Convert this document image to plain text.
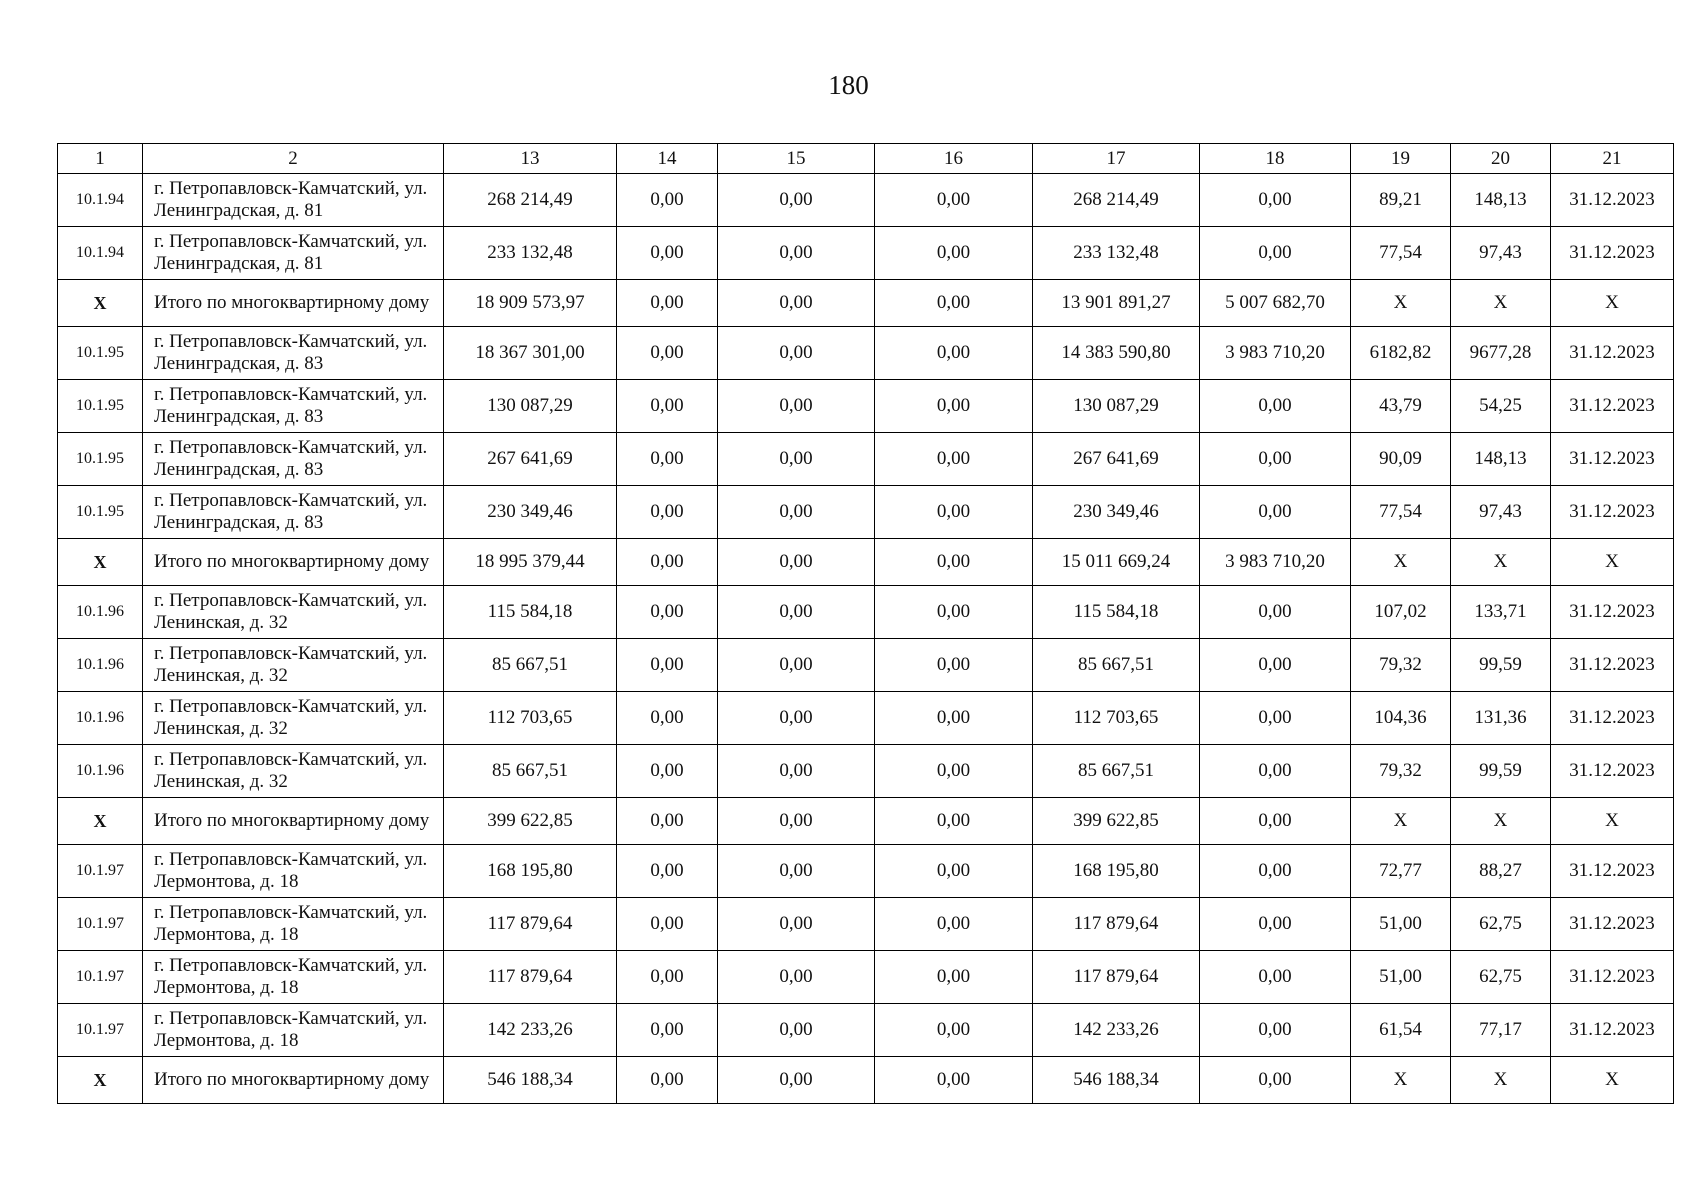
180
1	2	13	14	15	16	17	18	19	20	21
10.1.94	г. Петропавловск-Камчатский, ул. Ленинградская, д. 81	268 214,49	0,00	0,00	0,00	268 214,49	0,00	89,21	148,13	31.12.2023
10.1.94	г. Петропавловск-Камчатский, ул. Ленинградская, д. 81	233 132,48	0,00	0,00	0,00	233 132,48	0,00	77,54	97,43	31.12.2023
X	Итого по многоквартирному дому	18 909 573,97	0,00	0,00	0,00	13 901 891,27	5 007 682,70	X	X	X
10.1.95	г. Петропавловск-Камчатский, ул. Ленинградская, д. 83	18 367 301,00	0,00	0,00	0,00	14 383 590,80	3 983 710,20	6182,82	9677,28	31.12.2023
10.1.95	г. Петропавловск-Камчатский, ул. Ленинградская, д. 83	130 087,29	0,00	0,00	0,00	130 087,29	0,00	43,79	54,25	31.12.2023
10.1.95	г. Петропавловск-Камчатский, ул. Ленинградская, д. 83	267 641,69	0,00	0,00	0,00	267 641,69	0,00	90,09	148,13	31.12.2023
10.1.95	г. Петропавловск-Камчатский, ул. Ленинградская, д. 83	230 349,46	0,00	0,00	0,00	230 349,46	0,00	77,54	97,43	31.12.2023
X	Итого по многоквартирному дому	18 995 379,44	0,00	0,00	0,00	15 011 669,24	3 983 710,20	X	X	X
10.1.96	г. Петропавловск-Камчатский, ул. Ленинская, д. 32	115 584,18	0,00	0,00	0,00	115 584,18	0,00	107,02	133,71	31.12.2023
10.1.96	г. Петропавловск-Камчатский, ул. Ленинская, д. 32	85 667,51	0,00	0,00	0,00	85 667,51	0,00	79,32	99,59	31.12.2023
10.1.96	г. Петропавловск-Камчатский, ул. Ленинская, д. 32	112 703,65	0,00	0,00	0,00	112 703,65	0,00	104,36	131,36	31.12.2023
10.1.96	г. Петропавловск-Камчатский, ул. Ленинская, д. 32	85 667,51	0,00	0,00	0,00	85 667,51	0,00	79,32	99,59	31.12.2023
X	Итого по многоквартирному дому	399 622,85	0,00	0,00	0,00	399 622,85	0,00	X	X	X
10.1.97	г. Петропавловск-Камчатский, ул. Лермонтова, д. 18	168 195,80	0,00	0,00	0,00	168 195,80	0,00	72,77	88,27	31.12.2023
10.1.97	г. Петропавловск-Камчатский, ул. Лермонтова, д. 18	117 879,64	0,00	0,00	0,00	117 879,64	0,00	51,00	62,75	31.12.2023
10.1.97	г. Петропавловск-Камчатский, ул. Лермонтова, д. 18	117 879,64	0,00	0,00	0,00	117 879,64	0,00	51,00	62,75	31.12.2023
10.1.97	г. Петропавловск-Камчатский, ул. Лермонтова, д. 18	142 233,26	0,00	0,00	0,00	142 233,26	0,00	61,54	77,17	31.12.2023
X	Итого по многоквартирному дому	546 188,34	0,00	0,00	0,00	546 188,34	0,00	X	X	X
